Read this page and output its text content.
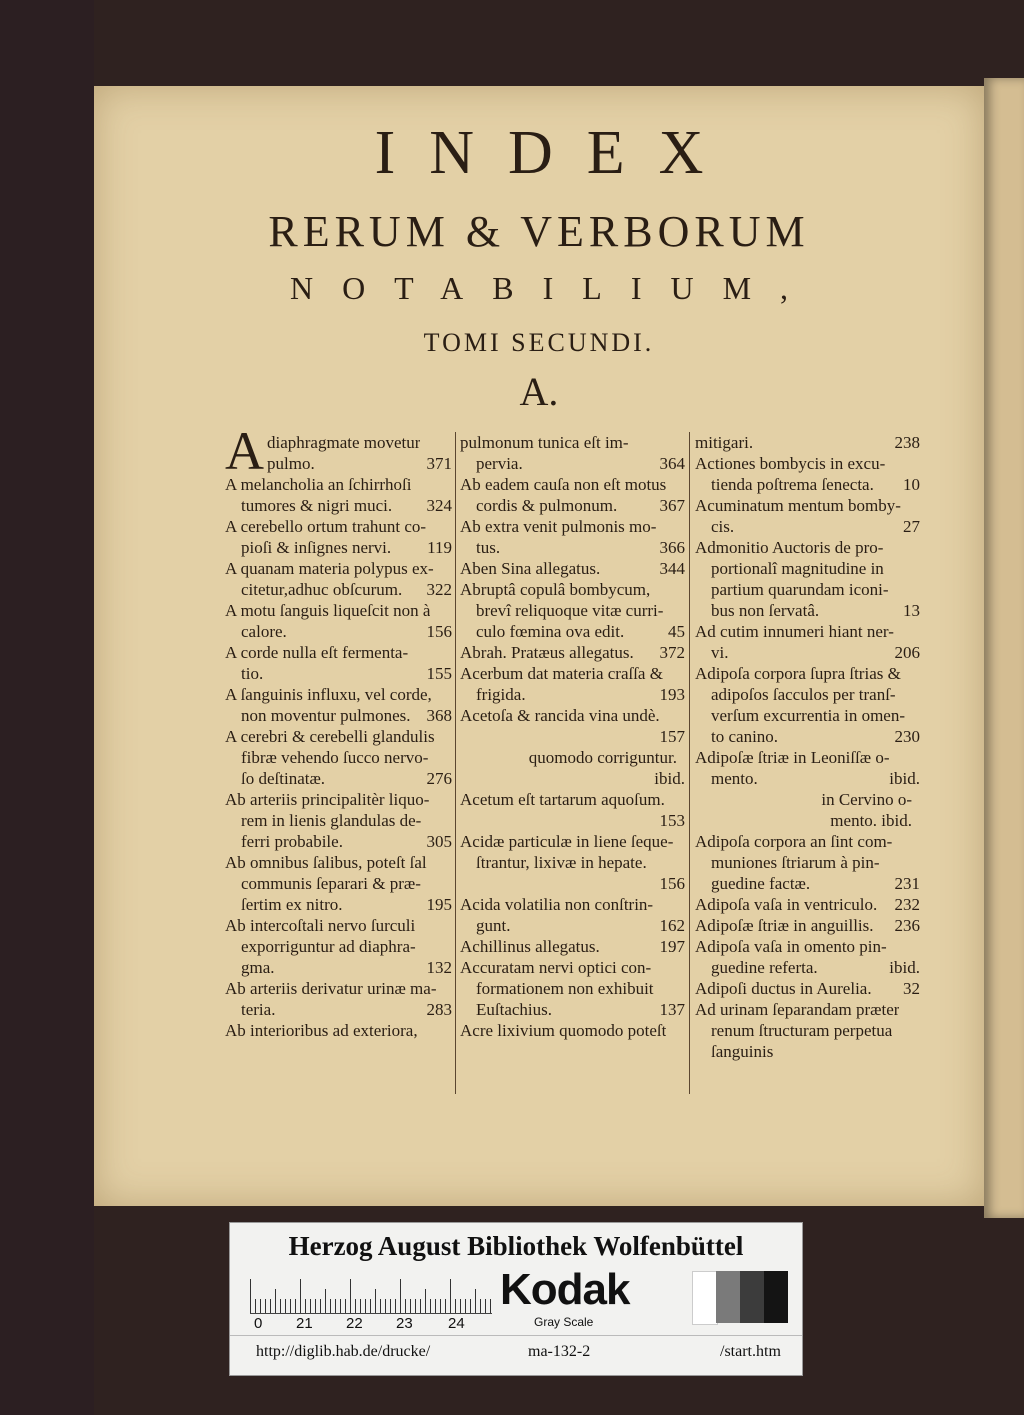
INDEX
RERUM & VERBORUM
NOTABILIUM,
TOMI SECUNDI.
A.
A diaphragmate movetur
pulmo.	371
A melancholia an ſchirrhoſi
tumores & nigri muci. 324
A cerebello ortum trahunt co-
pioſi & inſignes nervi. 119
A quanam materia polypus ex-
citetur,adhuc obſcurum. 322
A motu ſanguis liqueſcit non à
calore.	156
A corde nulla eſt fermenta-
tio.	155
A ſanguinis influxu, vel corde,
non moventur pulmones. 368
A cerebri & cerebelli glandulis
fibræ vehendo ſucco nervo-
ſo deſtinatæ.	276
Ab arteriis principalitèr liquo-
rem in lienis glandulas de-
ferri probabile.	305
Ab omnibus ſalibus, poteſt ſal
communis ſeparari & præ-
ſertim ex nitro.	195
Ab intercoſtali nervo ſurculi
exporriguntur ad diaphra-
gma.	132
Ab arteriis derivatur urinæ ma-
teria.	283
Ab interioribus ad exteriora,
pulmonum tunica eſt im-
pervia.	364
Ab eadem cauſa non eſt motus
cordis & pulmonum. 367
Ab extra venit pulmonis mo-
tus.	366
Aben Sina allegatus.	344
Abruptâ copulâ bombycum,
brevî reliquoque vitæ curri-
culo fœmina ova edit.	45
Abrah. Pratæus allegatus. 372
Acerbum dat materia craſſa &
frigida.	193
Acetoſa & rancida vina undè.
157
quomodo corriguntur.
ibid.
Acetum eſt tartarum aquoſum.
153
Acidæ particulæ in liene ſeque-
ſtrantur, lixivæ in hepate.
156
Acida volatilia non conſtrin-
gunt.	162
Achillinus allegatus.	197
Accuratam nervi optici con-
formationem non exhibuit
Euſtachius.	137
Acre lixivium quomodo poteſt
mitigari.	238
Actiones bombycis in excu-
tienda poſtrema ſenecta. 10
Acuminatum mentum bomby-
cis.	27
Admonitio Auctoris de pro-
portionalî magnitudine in
partium quarundam iconi-
bus non ſervatâ.	13
Ad cutim innumeri hiant ner-
vi.	206
Adipoſa corpora ſupra ſtrias &
adipoſos ſacculos per tranſ-
verſum excurrentia in omen-
to canino.	230
Adipoſæ ſtriæ in Leoniſſæ o-
mento.	ibid.
in Cervino o-
mento. ibid.
Adipoſa corpora an ſint com-
muniones ſtriarum à pin-
guedine factæ.	231
Adipoſa vaſa in ventriculo. 232
Adipoſæ ſtriæ in anguillis. 236
Adipoſa vaſa in omento pin-
guedine referta.	ibid.
Adipoſi ductus in Aurelia. 32
Ad urinam ſeparandam præter
renum ſtructuram perpetua
ſanguinis
Herzog August Bibliothek Wolfenbüttel
0 21 22 23 24
Kodak
Gray Scale
http://diglib.hab.de/drucke/	ma-132-2	/start.htm
